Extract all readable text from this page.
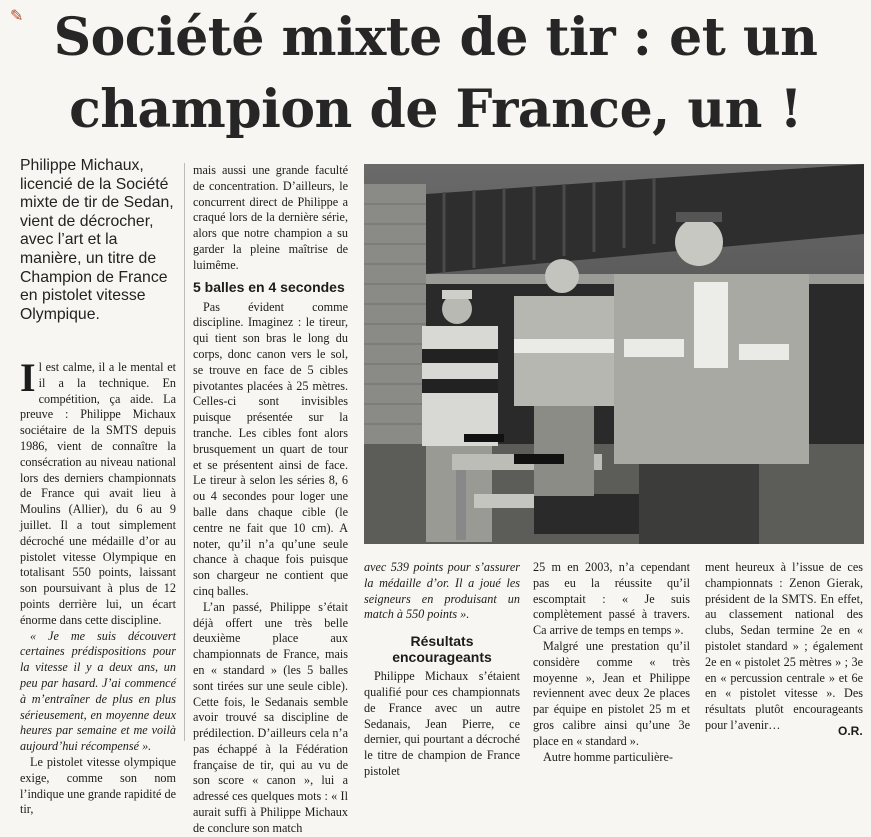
✎ Société mixte de tir : et un
champion de France, un !
Philippe Michaux, licencié de la Société mixte de tir de Sedan, vient de décrocher, avec l’art et la manière, un titre de Champion de France en pistolet vitesse Olympique.

Il est calme, il a le mental et il a la technique. En compétition, ça aide. La preuve : Philippe Michaux sociétaire de la SMTS depuis 1986, vient de connaître la consécration au niveau national lors des derniers championnats de France qui avait lieu à Moulins (Allier), du 6 au 9 juillet. Il a tout simplement décroché une médaille d’or au pistolet vitesse Olympique en totalisant 550 points, laissant son poursuivant à plus de 12 points derrière lui, un écart énorme dans cette discipline.

« Je me suis découvert certaines prédispositions pour la vitesse il y a deux ans, un peu par hasard. J’ai commencé à m’entraîner de plus en plus sérieusement, en moyenne deux heures par semaine et me voilà aujourd’hui récompensé ».

Le pistolet vitesse olympique exige, comme son nom l’indique une grande rapidité de tir,

mais aussi une grande faculté de concentration. D’ailleurs, le concurrent direct de Philippe a craqué lors de la dernière série, alors que notre champion a su garder la pleine maîtrise de luimême.

5 balles en 4 secondes

Pas évident comme discipline. Imaginez : le tireur, qui tient son bras le long du corps, donc canon vers le sol, se trouve en face de 5 cibles pivotantes placées à 25 mètres. Celles-ci sont invisibles puisque présentée sur la tranche. Les cibles font alors brusquement un quart de tour et se présentent ainsi de face. Le tireur à selon les séries 8, 6 ou 4 secondes pour loger une balle dans chaque cible (le centre ne fait que 10 cm). A noter, qu’il n’a qu’une seule chance à chaque fois puisque son chargeur ne contient que cinq balles.

L’an passé, Philippe s’était déjà offert une très belle deuxième place aux championnats de France, mais en « standard » (les 5 balles sont tirées sur une seule cible). Cette fois, le Sedanais semble avoir trouvé sa discipline de prédilection. D’ailleurs cela n’a pas échappé à la Fédération française de tir, qui au vu de son score « canon », lui a adressé ces quelques mots : « Il aurait suffi à Philippe Michaux de conclure son match

avec 539 points pour s’assurer la médaille d’or. Il a joué les seigneurs en produisant un match à 550 points ».

Résultats encourageants

Philippe Michaux s’étaient qualifié pour ces championnats de France avec un autre Sedanais, Jean Pierre, ce dernier, qui pourtant a décroché le titre de champion de France pistolet

25 m en 2003, n’a cependant pas eu la réussite qu’il escomptait : « Je suis complètement passé à travers. Ca arrive de temps en temps ».

Malgré une prestation qu’il considère comme « très moyenne », Jean et Philippe reviennent avec deux 2e places par équipe en pistolet 25 m et gros calibre ainsi qu’une 3e place en « standard ».

Autre homme particulière-

ment heureux à l’issue de ces championnats : Zenon Gierak, président de la SMTS. En effet, au classement national des clubs, Sedan termine 2e en « pistolet standard » ; également 2e en « pistolet 25 mètres » ; 3e en « percussion centrale » et 6e en « pistolet vitesse ». Des résultats plutôt encourageants pour l’avenir…	O.R.
